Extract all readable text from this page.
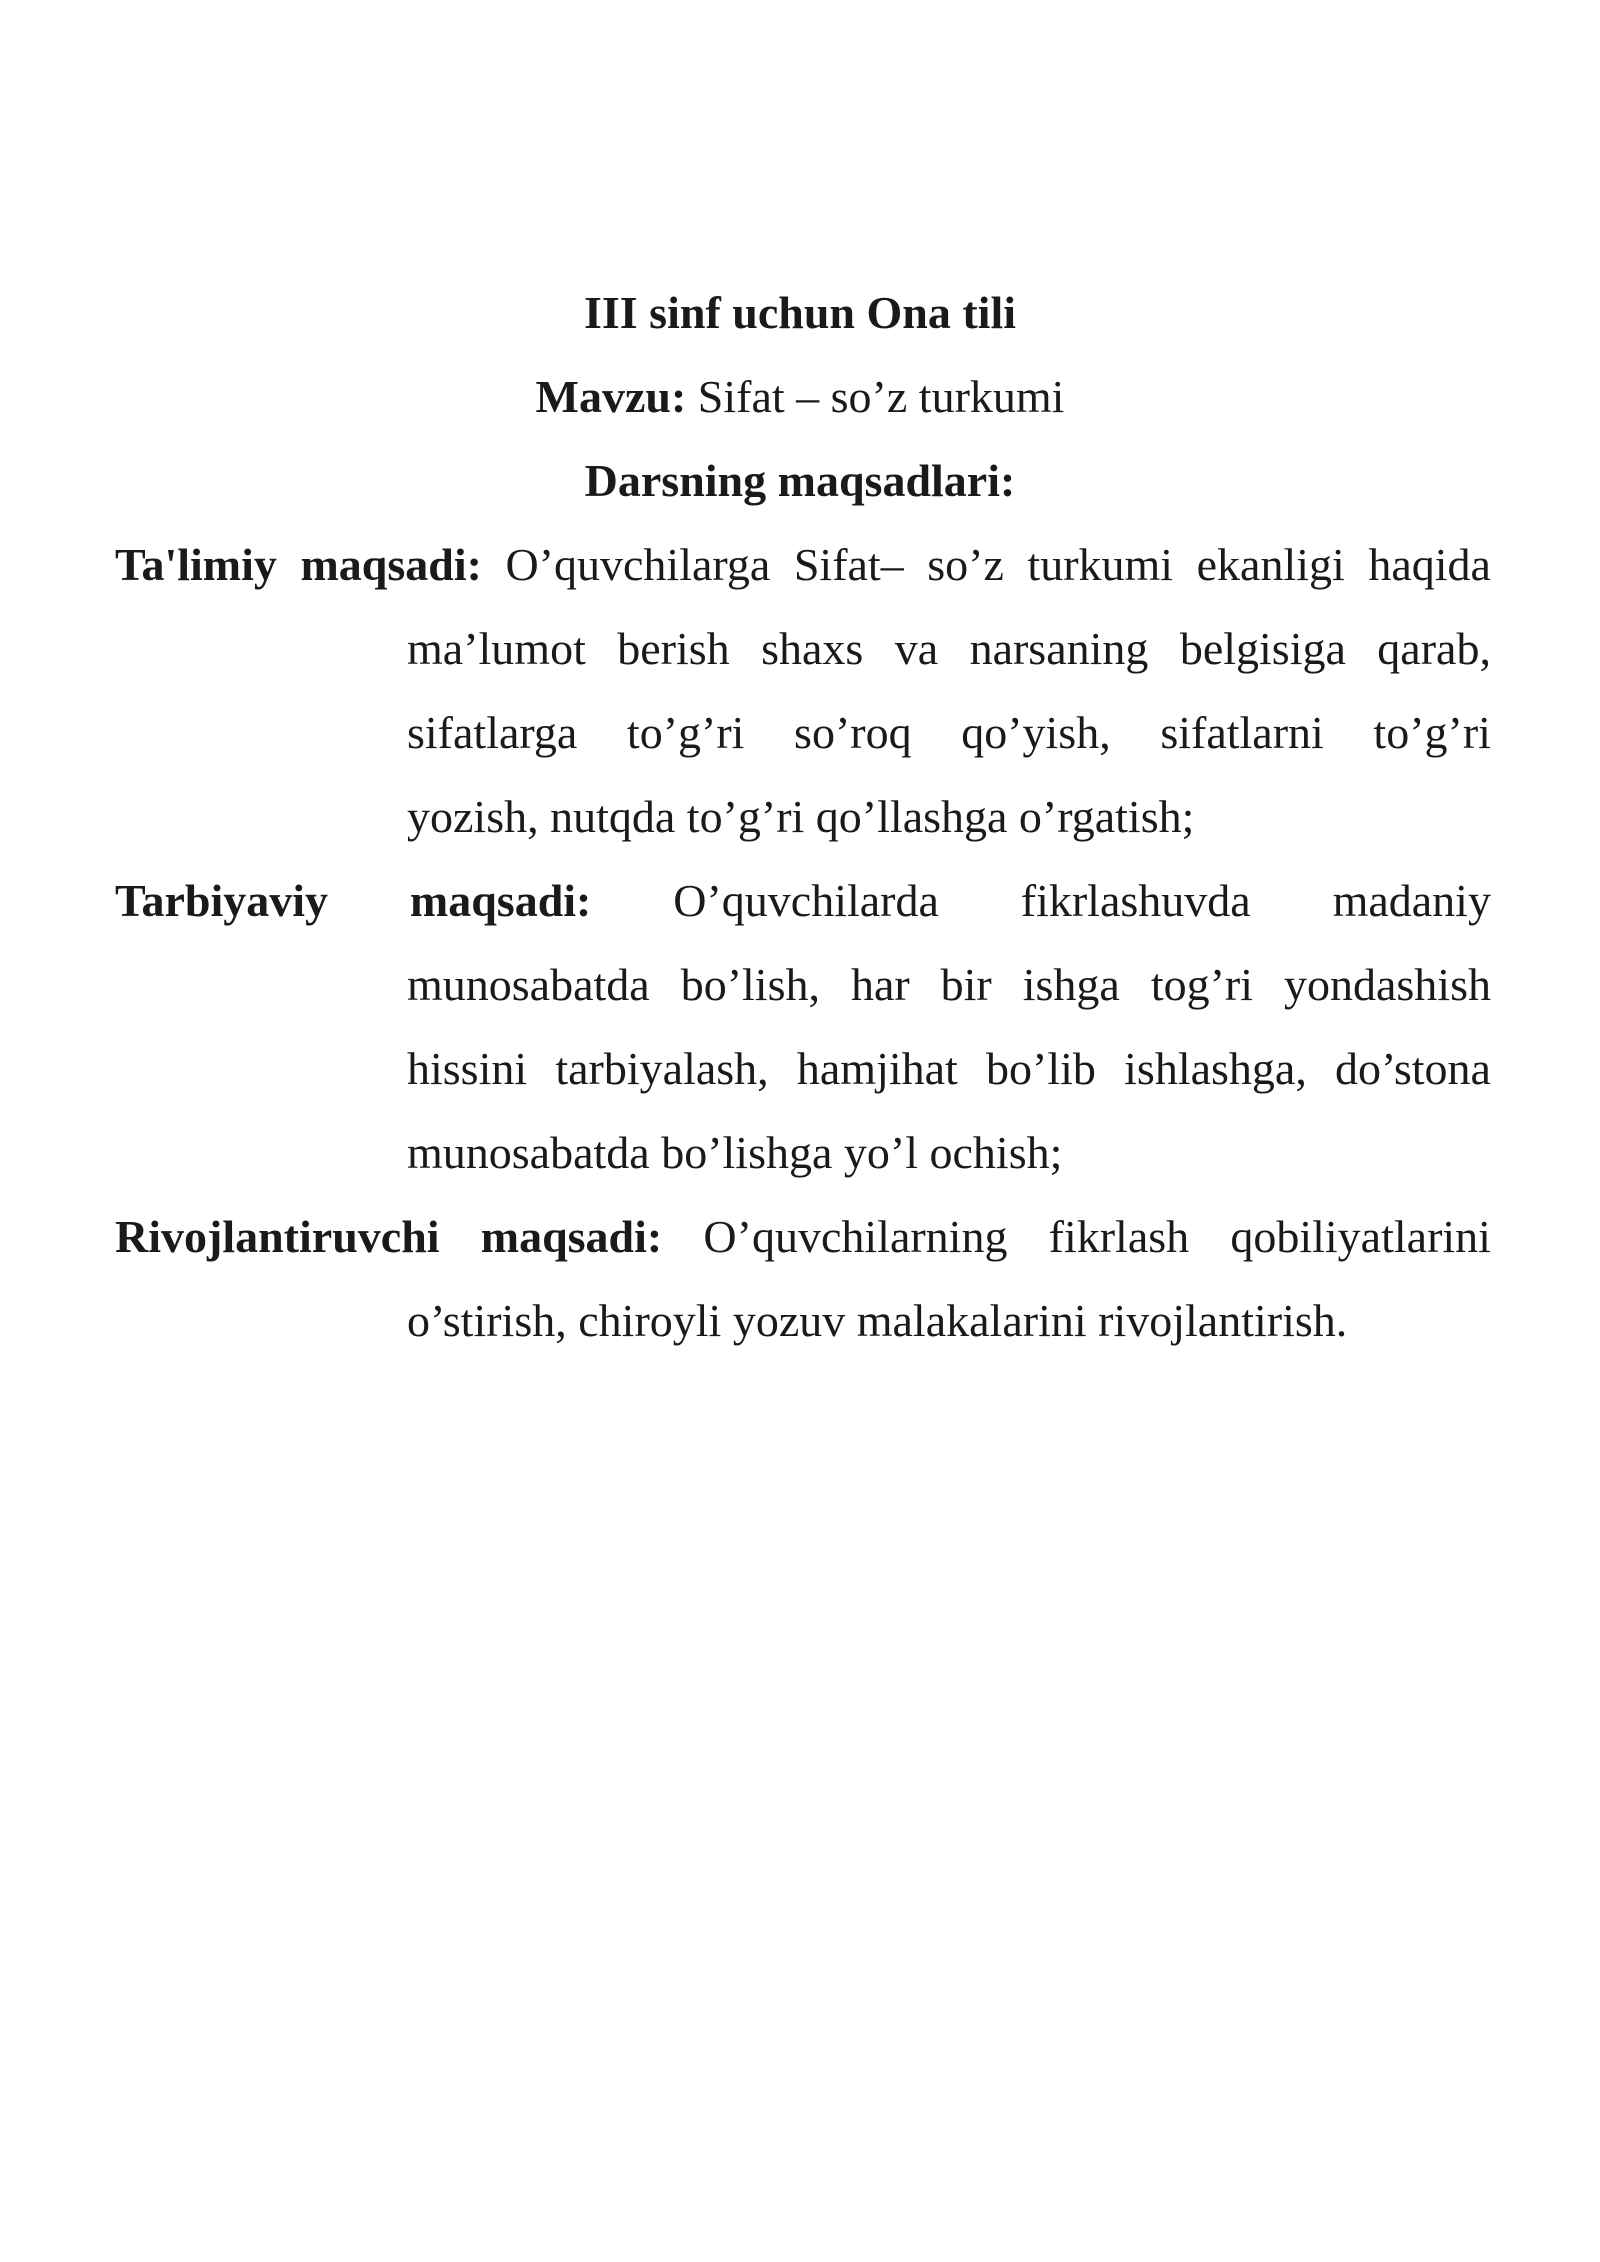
III sinf uchun Ona tili
Mavzu: Sifat – so’z turkumi
Darsning maqsadlari:
Ta'limiy maqsadi: O’quvchilarga Sifat– so’z turkumi ekanligi haqida
ma’lumot berish shaxs va narsaning belgisiga qarab,
sifatlarga to’g’ri so’roq qo’yish, sifatlarni to’g’ri
yozish, nutqda to’g’ri qo’llashga o’rgatish;
Tarbiyaviy maqsadi: O’quvchilarda fikrlashuvda madaniy
munosabatda bo’lish, har bir ishga tog’ri yondashish
hissini tarbiyalash, hamjihat bo’lib ishlashga, do’stona
munosabatda bo’lishga yo’l ochish;
Rivojlantiruvchi maqsadi: O’quvchilarning fikrlash qobiliyatlarini
o’stirish, chiroyli yozuv malakalarini rivojlantirish.
